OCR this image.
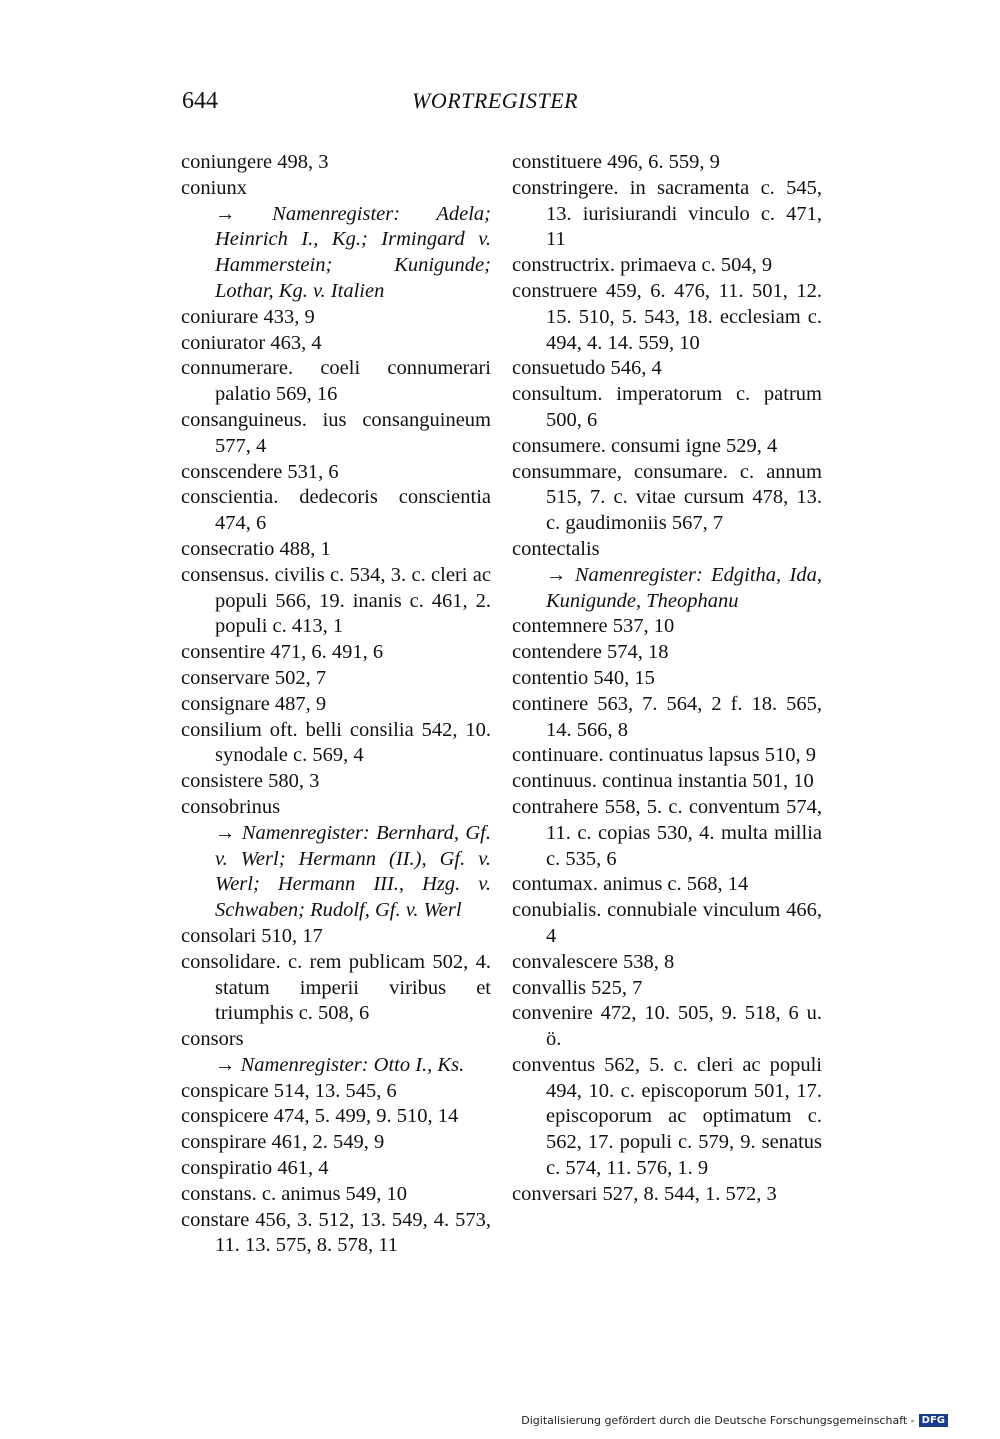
644	WORTREGISTER
coniungere 498, 3
coniunx
→ Namenregister: Adela; Heinrich I., Kg.; Irmingard v. Hammerstein; Kunigunde; Lothar, Kg. v. Italien
coniurare 433, 9
coniurator 463, 4
connumerare. coeli connumerari palatio 569, 16
consanguineus. ius consanguineum 577, 4
conscendere 531, 6
conscientia. dedecoris conscientia 474, 6
consecratio 488, 1
consensus. civilis c. 534, 3. c. cleri ac populi 566, 19. inanis c. 461, 2. populi c. 413, 1
consentire 471, 6. 491, 6
conservare 502, 7
consignare 487, 9
consilium oft. belli consilia 542, 10. synodale c. 569, 4
consistere 580, 3
consobrinus
→ Namenregister: Bernhard, Gf. v. Werl; Hermann (II.), Gf. v. Werl; Hermann III., Hzg. v. Schwaben; Rudolf, Gf. v. Werl
consolari 510, 17
consolidare. c. rem publicam 502, 4. statum imperii viribus et triumphis c. 508, 6
consors
→ Namenregister: Otto I., Ks.
conspicare 514, 13. 545, 6
conspicere 474, 5. 499, 9. 510, 14
conspirare 461, 2. 549, 9
conspiratio 461, 4
constans. c. animus 549, 10
constare 456, 3. 512, 13. 549, 4. 573, 11. 13. 575, 8. 578, 11
constituere 496, 6. 559, 9
constringere. in sacramenta c. 545, 13. iurisiurandi vinculo c. 471, 11
constructrix. primaeva c. 504, 9
construere 459, 6. 476, 11. 501, 12. 15. 510, 5. 543, 18. ecclesiam c. 494, 4. 14. 559, 10
consuetudo 546, 4
consultum. imperatorum c. patrum 500, 6
consumere. consumi igne 529, 4
consummare, consumare. c. annum 515, 7. c. vitae cursum 478, 13. c. gaudimoniis 567, 7
contectalis
→ Namenregister: Edgitha, Ida, Kunigunde, Theophanu
contemnere 537, 10
contendere 574, 18
contentio 540, 15
continere 563, 7. 564, 2 f. 18. 565, 14. 566, 8
continuare. continuatus lapsus 510, 9
continuus. continua instantia 501, 10
contrahere 558, 5. c. conventum 574, 11. c. copias 530, 4. multa millia c. 535, 6
contumax. animus c. 568, 14
conubialis. connubiale vinculum 466, 4
convalescere 538, 8
convallis 525, 7
convenire 472, 10. 505, 9. 518, 6 u. ö.
conventus 562, 5. c. cleri ac populi 494, 10. c. episcoporum 501, 17. episcoporum ac optimatum c. 562, 17. populi c. 579, 9. senatus c. 574, 11. 576, 1. 9
conversari 527, 8. 544, 1. 572, 3
Digitalisierung gefördert durch die Deutsche Forschungsgemeinschaft - DFG
